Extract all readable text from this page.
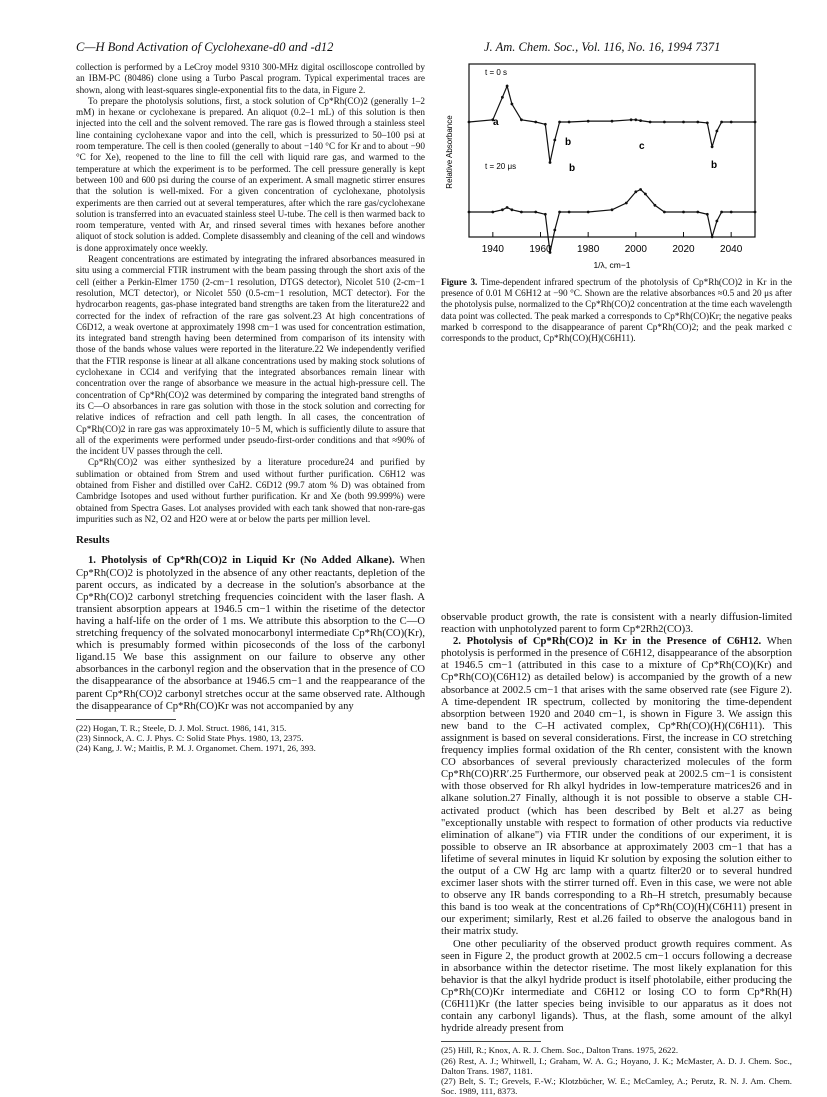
C—H Bond Activation of Cyclohexane-d0 and -d12	J. Am. Chem. Soc., Vol. 116, No. 16, 1994 7371

collection is performed by a LeCroy model 9310 300-MHz digital oscilloscope controlled by an IBM-PC (80486) clone using a Turbo Pascal program. Typical experimental traces are shown, along with least-squares single-exponential fits to the data, in Figure 2.

To prepare the photolysis solutions, first, a stock solution of Cp*Rh(CO)2 (generally 1–2 mM) in hexane or cyclohexane is prepared. An aliquot (0.2–1 mL) of this solution is then injected into the cell and the solvent removed. The rare gas is flowed through a stainless steel line containing cyclohexane vapor and into the cell, which is pressurized to 50–100 psi at room temperature. The cell is then cooled (generally to about −140 °C for Kr and to about −90 °C for Xe), reopened to the line to fill the cell with liquid rare gas, and warmed to the temperature at which the experiment is to be performed. The cell pressure generally is kept between 100 and 600 psi during the course of an experiment. A small magnetic stirrer ensures that the solution is well-mixed. For a given concentration of cyclohexane, photolysis experiments are then carried out at several temperatures, after which the rare gas/cyclohexane solution is transferred into an evacuated stainless steel U-tube. The cell is then warmed back to room temperature, vented with Ar, and rinsed several times with hexanes before another aliquot of stock solution is added. Complete disassembly and cleaning of the cell and windows is done approximately once weekly.

Reagent concentrations are estimated by integrating the infrared absorbances measured in situ using a commercial FTIR instrument with the beam passing through the short axis of the cell (either a Perkin-Elmer 1750 (2-cm−1 resolution, DTGS detector), Nicolet 510 (2-cm−1 resolution, MCT detector), or Nicolet 550 (0.5-cm−1 resolution, MCT detector). For the hydrocarbon reagents, gas-phase integrated band strengths are taken from the literature22 and corrected for the index of refraction of the rare gas solvent.23 At high concentrations of C6D12, a weak overtone at approximately 1998 cm−1 was used for concentration estimation, its integrated band strength having been determined from comparison of its intensity with those of the bands whose values were reported in the literature.22 We independently verified that the FTIR response is linear at all alkane concentrations used by making stock solutions of cyclohexane in CCl4 and verifying that the integrated absorbances remain linear with concentration over the range of absorbance we measure in the actual high-pressure cell. The concentration of Cp*Rh(CO)2 was determined by comparing the integrated band strengths of its C—O absorbances in rare gas solution with those in the stock solution and correcting for relative indices of refraction and cell path length. In all cases, the concentration of Cp*Rh(CO)2 in rare gas was approximately 10−5 M, which is sufficiently dilute to assure that all of the experiments were performed under pseudo-first-order conditions and that ≈90% of the incident UV passes through the cell.

Cp*Rh(CO)2 was either synthesized by a literature procedure24 and purified by sublimation or obtained from Strem and used without further purification. C6H12 was obtained from Fisher and distilled over CaH2. C6D12 (99.7 atom % D) was obtained from Cambridge Isotopes and used without further purification. Kr and Xe (both 99.999%) were obtained from Spectra Gases. Lot analyses provided with each tank showed that non-rare-gas impurities such as N2, O2 and H2O were at or below the parts per million level.

Results

1. Photolysis of Cp*Rh(CO)2 in Liquid Kr (No Added Alkane). When Cp*Rh(CO)2 is photolyzed in the absence of any other reactants, depletion of the parent occurs, as indicated by a decrease in the solution's absorbance at the Cp*Rh(CO)2 carbonyl stretching frequencies coincident with the laser flash. A transient absorption appears at 1946.5 cm−1 within the risetime of the detector having a half-life on the order of 1 ms. We attribute this absorption to the C—O stretching frequency of the solvated monocarbonyl intermediate Cp*Rh(CO)(Kr), which is presumably formed within picoseconds of the loss of the carbonyl ligand.15 We base this assignment on our failure to observe any other absorbances in the carbonyl region and the observation that in the presence of CO the disappearance of the absorbance at 1946.5 cm−1 and the reappearance of the parent Cp*Rh(CO)2 carbonyl stretches occur at the same observed rate. Although the disappearance of Cp*Rh(CO)Kr was not accompanied by any

(22) Hogan, T. R.; Steele, D. J. Mol. Struct. 1986, 141, 315.
(23) Sinnock, A. C. J. Phys. C: Solid State Phys. 1980, 13, 2375.
(24) Kang, J. W.; Maitlis, P. M. J. Organomet. Chem. 1971, 26, 393.
Relative Absorbance
1940	1960	1980	2000	2020	2040
1/λ, cm−1
t = 0 s
t = 20 μs
a
b
c
b
b
Figure 3. Time-dependent infrared spectrum of the photolysis of Cp*Rh(CO)2 in Kr in the presence of 0.01 M C6H12 at −90 °C. Shown are the relative absorbances ≈0.5 and 20 μs after the photolysis pulse, normalized to the Cp*Rh(CO)2 concentration at the time each wavelength data point was collected. The peak marked a corresponds to Cp*Rh(CO)Kr; the negative peaks marked b correspond to the disappearance of parent Cp*Rh(CO)2; and the peak marked c corresponds to the product, Cp*Rh(CO)(H)(C6H11).

observable product growth, the rate is consistent with a nearly diffusion-limited reaction with unphotolyzed parent to form Cp*2Rh2(CO)3.

2. Photolysis of Cp*Rh(CO)2 in Kr in the Presence of C6H12. When photolysis is performed in the presence of C6H12, disappearance of the absorption at 1946.5 cm−1 (attributed in this case to a mixture of Cp*Rh(CO)(Kr) and Cp*Rh(CO)(C6H12) as detailed below) is accompanied by the growth of a new absorbance at 2002.5 cm−1 that arises with the same observed rate (see Figure 2). A time-dependent IR spectrum, collected by monitoring the time-dependent absorption between 1920 and 2040 cm−1, is shown in Figure 3. We assign this new band to the C–H activated complex, Cp*Rh(CO)(H)(C6H11). This assignment is based on several considerations. First, the increase in CO stretching frequency implies formal oxidation of the Rh center, consistent with the known CO absorbances of several previously characterized molecules of the form Cp*Rh(CO)RR′.25 Furthermore, our observed peak at 2002.5 cm−1 is consistent with those observed for Rh alkyl hydrides in low-temperature matrices26 and in alkane solution.27 Finally, although it is not possible to observe a stable CH-activated product (which has been described by Belt et al.27 as being "exceptionally unstable with respect to formation of other products via reductive elimination of alkane") via FTIR under the conditions of our experiment, it is possible to observe an IR absorbance at approximately 2003 cm−1 that has a lifetime of several minutes in liquid Kr solution by exposing the solution either to the output of a CW Hg arc lamp with a quartz filter20 or to several hundred excimer laser shots with the stirrer turned off. Even in this case, we were not able to observe any IR bands corresponding to a Rh–H stretch, presumably because this band is too weak at the concentrations of Cp*Rh(CO)(H)(C6H11) present in our experiment; similarly, Rest et al.26 failed to observe the analogous band in their matrix study.

One other peculiarity of the observed product growth requires comment. As seen in Figure 2, the product growth at 2002.5 cm−1 occurs following a decrease in absorbance within the detector risetime. The most likely explanation for this behavior is that the alkyl hydride product is itself photolabile, either producing the Cp*Rh(CO)Kr intermediate and C6H12 or losing CO to form Cp*Rh(H)(C6H11)Kr (the latter species being invisible to our apparatus as it does not contain any carbonyl ligands). Thus, at the flash, some amount of the alkyl hydride already present from

(25) Hill, R.; Knox, A. R. J. Chem. Soc., Dalton Trans. 1975, 2622.
(26) Rest, A. J.; Whitwell, I.; Graham, W. A. G.; Hoyano, J. K.; McMaster, A. D. J. Chem. Soc., Dalton Trans. 1987, 1181.
(27) Belt, S. T.; Grevels, F.-W.; Klotzbücher, W. E.; McCamley, A.; Perutz, R. N. J. Am. Chem. Soc. 1989, 111, 8373.
